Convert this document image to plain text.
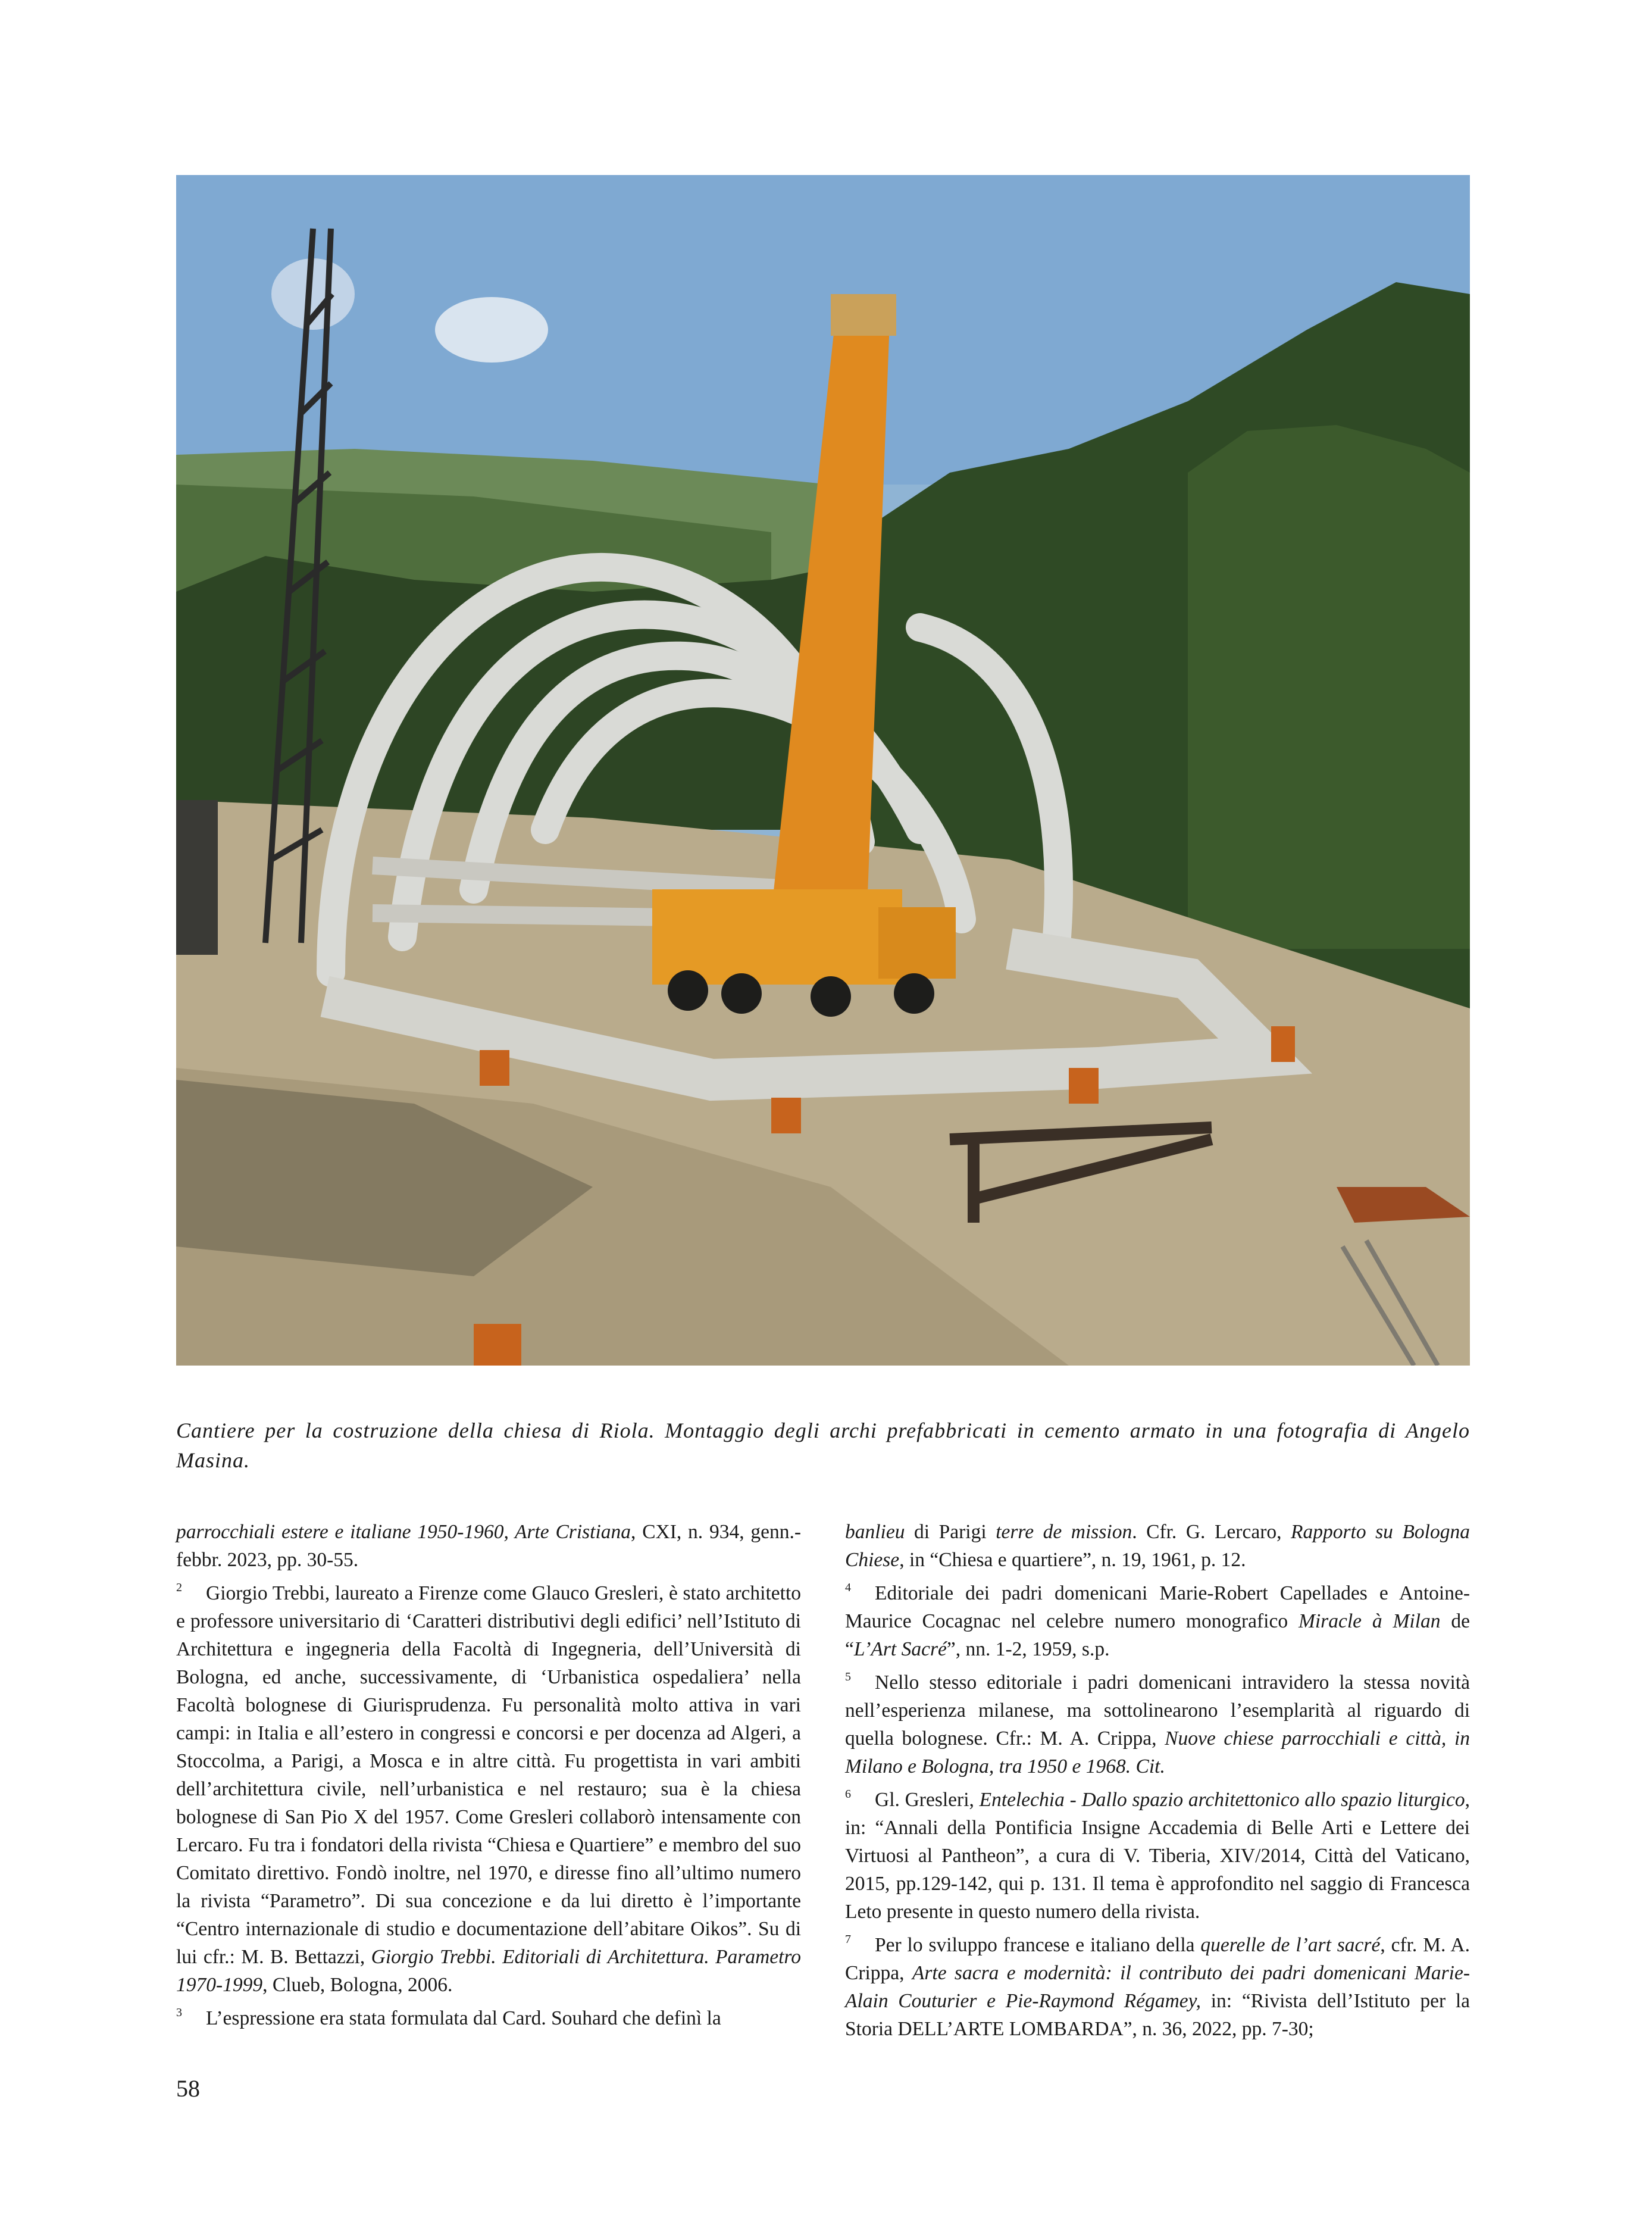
Cantiere per la costruzione della chiesa di Riola. Montaggio degli archi prefabbricati in cemento armato in una fotografia di Angelo Masina.

parrocchiali estere e italiane 1950-1960, Arte Cristiana, CXI, n. 934, genn.-febbr. 2023, pp. 30-55.

2 Giorgio Trebbi, laureato a Firenze come Glauco Gresleri, è stato architetto e professore universitario di ‘Caratteri distributivi degli edifici’ nell’Istituto di Architettura e ingegneria della Facoltà di Ingegneria, dell’Università di Bologna, ed anche, successivamente, di ‘Urbanistica ospedaliera’ nella Facoltà bolognese di Giurisprudenza. Fu personalità molto attiva in vari campi: in Italia e all’estero in congressi e concorsi e per docenza ad Algeri, a Stoccolma, a Parigi, a Mosca e in altre città. Fu progettista in vari ambiti dell’architettura civile, nell’urbanistica e nel restauro; sua è la chiesa bolognese di San Pio X del 1957. Come Gresleri collaborò intensamente con Lercaro. Fu tra i fondatori della rivista “Chiesa e Quartiere” e membro del suo Comitato direttivo. Fondò inoltre, nel 1970, e diresse fino all’ultimo numero la rivista “Parametro”. Di sua concezione e da lui diretto è l’importante “Centro internazionale di studio e documentazione dell’abitare Oikos”. Su di lui cfr.: M. B. Bettazzi, Giorgio Trebbi. Editoriali di Architettura. Parametro 1970-1999, Clueb, Bologna, 2006.

3 L’espressione era stata formulata dal Card. Souhard che definì la

banlieu di Parigi terre de mission. Cfr. G. Lercaro, Rapporto su Bologna Chiese, in “Chiesa e quartiere”, n. 19, 1961, p. 12.

4 Editoriale dei padri domenicani Marie-Robert Capellades e Antoine-Maurice Cocagnac nel celebre numero monografico Miracle à Milan de “L’Art Sacré”, nn. 1-2, 1959, s.p.

5 Nello stesso editoriale i padri domenicani intravidero la stessa novità nell’esperienza milanese, ma sottolinearono l’esemplarità al riguardo di quella bolognese. Cfr.: M. A. Crippa, Nuove chiese parrocchiali e città, in Milano e Bologna, tra 1950 e 1968. Cit.

6 Gl. Gresleri, Entelechia - Dallo spazio architettonico allo spazio liturgico, in: “Annali della Pontificia Insigne Accademia di Belle Arti e Lettere dei Virtuosi al Pantheon”, a cura di V. Tiberia, XIV/2014, Città del Vaticano, 2015, pp.129-142, qui p. 131. Il tema è approfondito nel saggio di Francesca Leto presente in questo numero della rivista.

7 Per lo sviluppo francese e italiano della querelle de l’art sacré, cfr. M. A. Crippa, Arte sacra e modernità: il contributo dei padri domenicani Marie-Alain Couturier e Pie-Raymond Régamey, in: “Rivista dell’Istituto per la Storia DELL’ARTE LOMBARDA”, n. 36, 2022, pp. 7-30;

58
